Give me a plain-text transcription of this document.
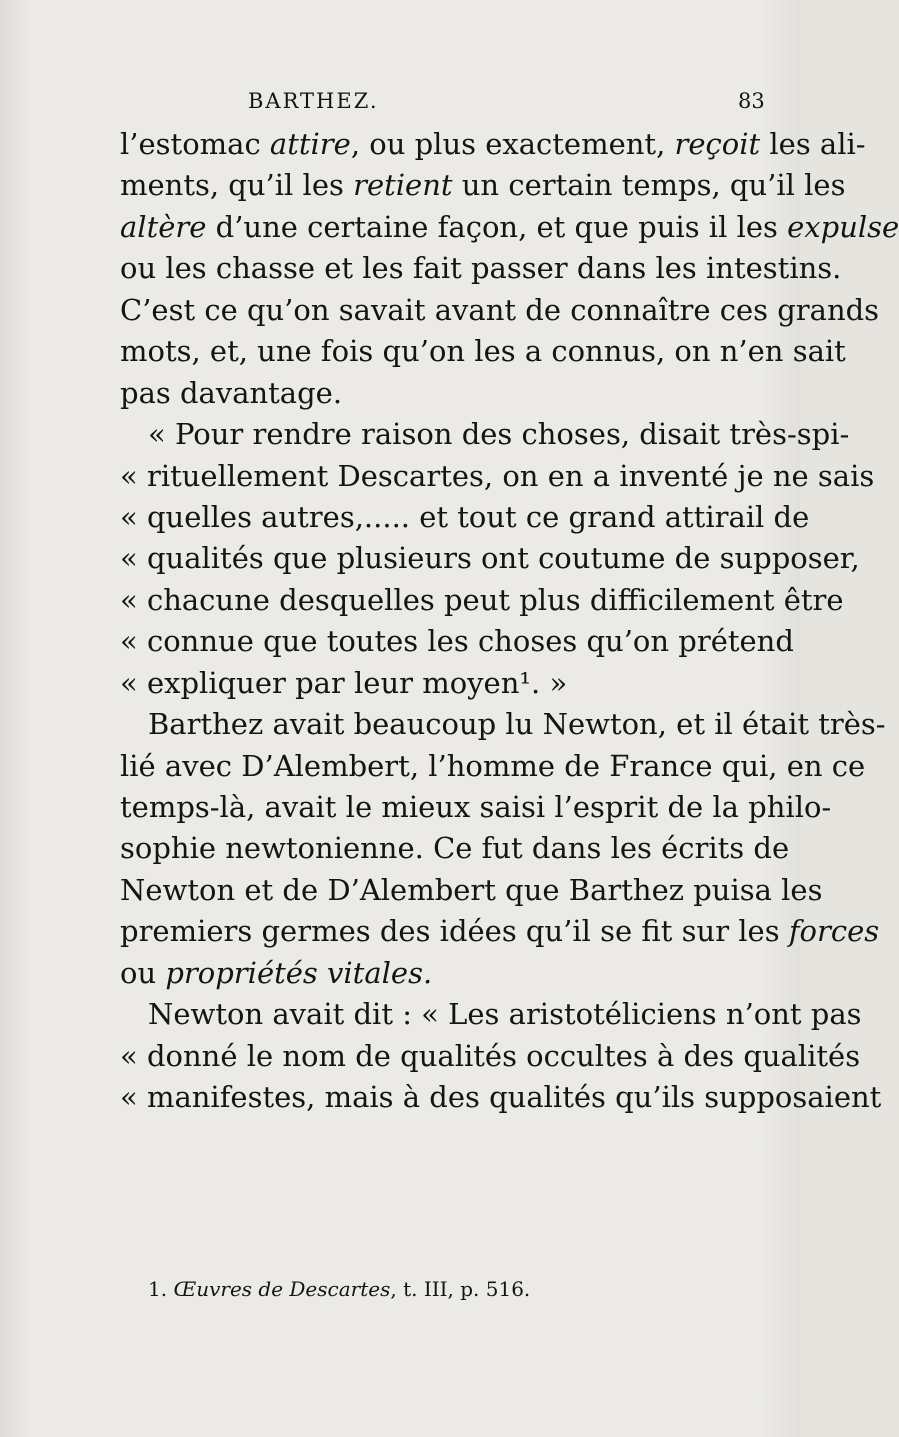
BARTHEZ.	83
l’estomac attire, ou plus exactement, reçoit les ali-
ments, qu’il les retient un certain temps, qu’il les
altère d’une certaine façon, et que puis il les expulse
ou les chasse et les fait passer dans les intestins.
C’est ce qu’on savait avant de connaître ces grands
mots, et, une fois qu’on les a connus, on n’en sait
pas davantage.
« Pour rendre raison des choses, disait très-spi-
« rituellement Descartes, on en a inventé je ne sais
« quelles autres,..... et tout ce grand attirail de
« qualités que plusieurs ont coutume de supposer,
« chacune desquelles peut plus difficilement être
« connue que toutes les choses qu’on prétend
« expliquer par leur moyen¹. »
Barthez avait beaucoup lu Newton, et il était très-
lié avec D’Alembert, l’homme de France qui, en ce
temps-là, avait le mieux saisi l’esprit de la philo-
sophie newtonienne. Ce fut dans les écrits de
Newton et de D’Alembert que Barthez puisa les
premiers germes des idées qu’il se fit sur les forces
ou propriétés vitales.
Newton avait dit : « Les aristotéliciens n’ont pas
« donné le nom de qualités occultes à des qualités
« manifestes, mais à des qualités qu’ils supposaient
1. Œuvres de Descartes, t. III, p. 516.
